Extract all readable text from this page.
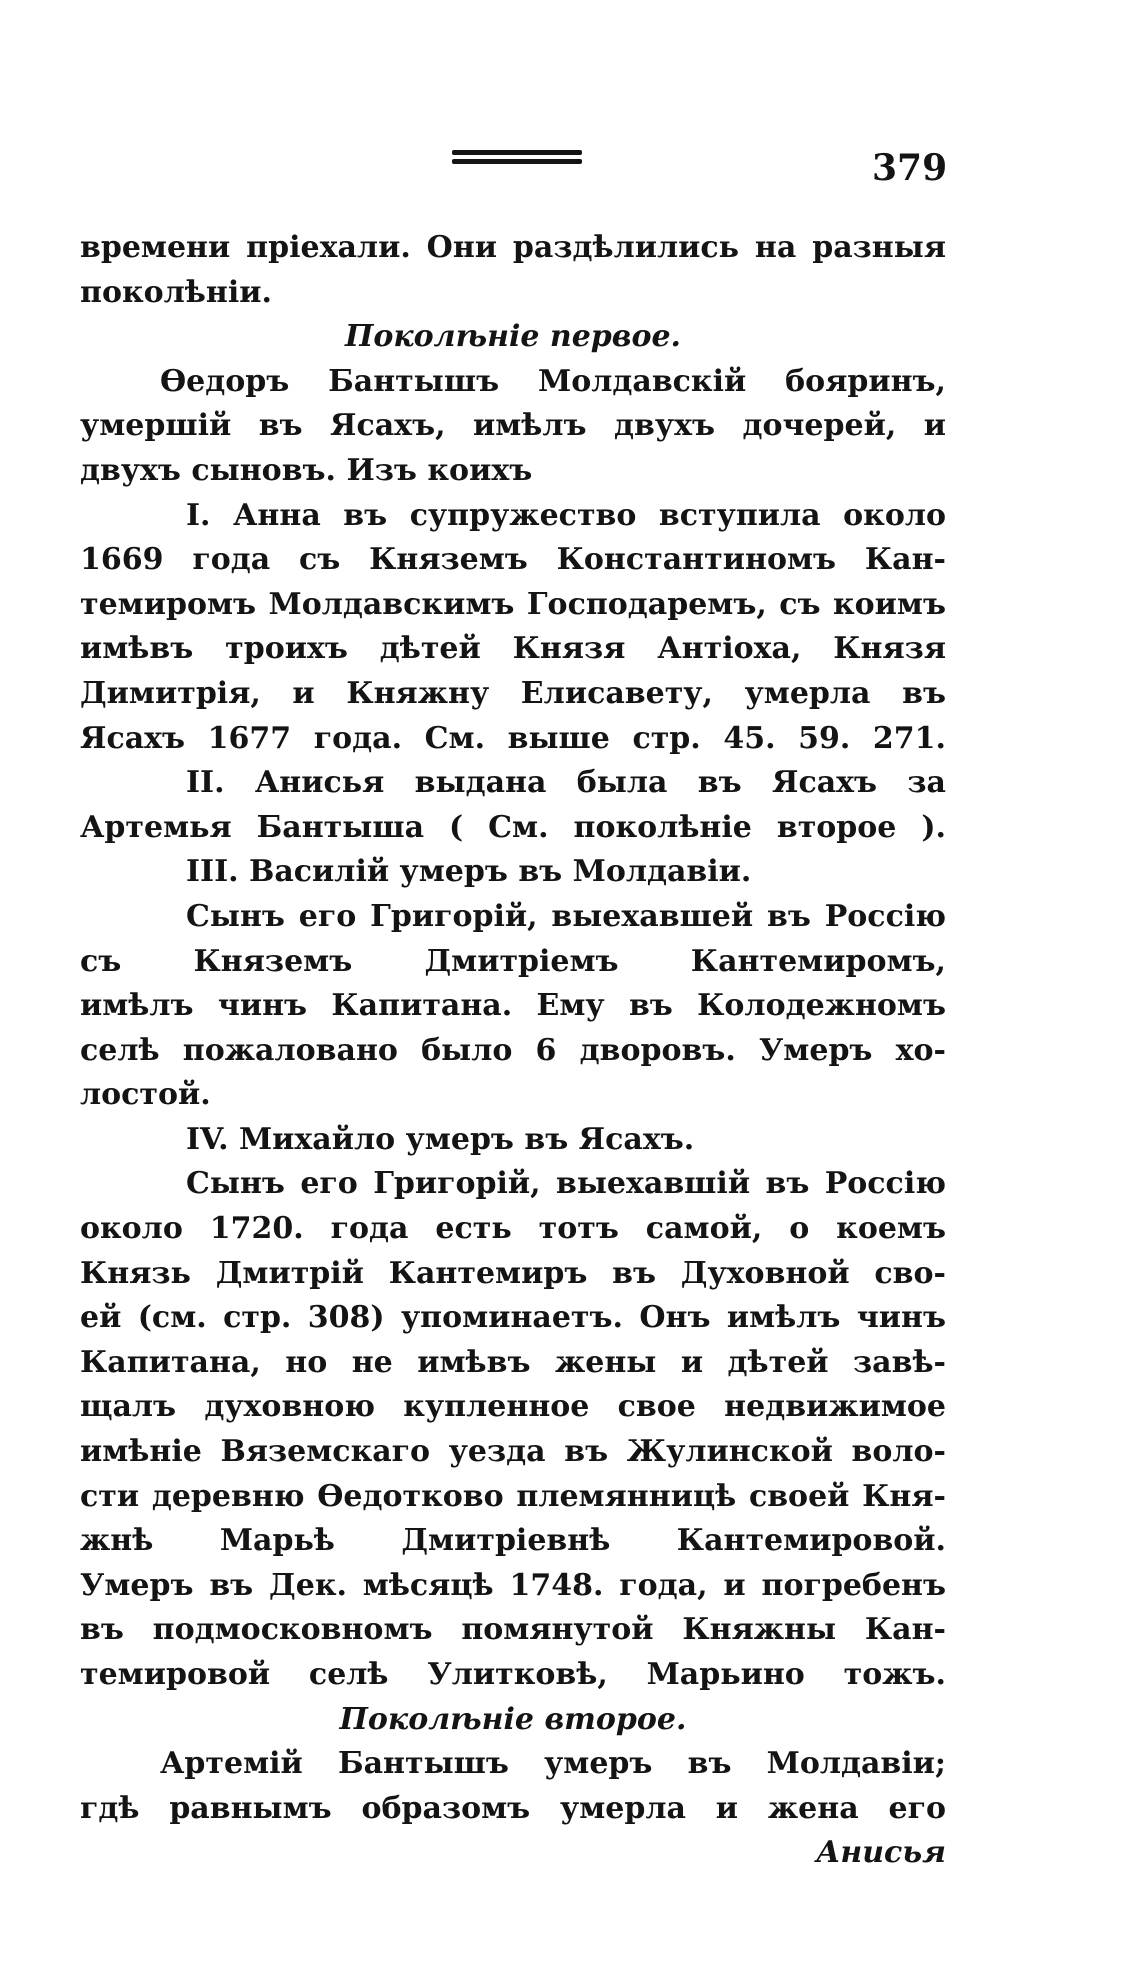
379
времени пріехали. Они раздѣлились на разныя
поколѣніи.
Поколѣніе первое.
Ѳедоръ Бантышъ Молдавскій бояринъ,
умершій въ Ясахъ, имѣлъ двухъ дочерей, и
двухъ сыновъ. Изъ коихъ
I. Анна въ супружество вступила около
1669 года съ Княземъ Константиномъ Кан-
темиромъ Молдавскимъ Господаремъ, съ коимъ
имѣвъ троихъ дѣтей Князя Антіоха, Князя
Димитрія, и Княжну Елисавету, умерла въ
Ясахъ 1677 года. См. выше стр. 45. 59. 271.
II. Анисья выдана была въ Ясахъ за
Артемья Бантыша ( См. поколѣніе второе ).
III. Василій умеръ въ Молдавіи.
Сынъ его Григорій, выехавшей въ Россію
съ Княземъ Дмитріемъ Кантемиромъ,
имѣлъ чинъ Капитана. Ему въ Колодежномъ
селѣ пожаловано было 6 дворовъ. Умеръ хо-
лостой.
IV. Михайло умеръ въ Ясахъ.
Сынъ его Григорій, выехавшій въ Россію
около 1720. года есть тотъ самой, о коемъ
Князь Дмитрій Кантемиръ въ Духовной сво-
ей (см. стр. 308) упоминаетъ. Онъ имѣлъ чинъ
Капитана, но не имѣвъ жены и дѣтей завѣ-
щалъ духовною купленное свое недвижимое
имѣніе Вяземскаго уезда въ Жулинской воло-
сти деревню Ѳедотково племянницѣ своей Кня-
жнѣ Марьѣ Дмитріевнѣ Кантемировой.
Умеръ въ Дек. мѣсяцѣ 1748. года, и погребенъ
въ подмосковномъ помянутой Княжны Кан-
темировой селѣ Улитковѣ, Марьино тожъ.
Поколѣніе второе.
Артемій Бантышъ умеръ въ Молдавіи;
гдѣ равнымъ образомъ умерла и жена его
Анисья
